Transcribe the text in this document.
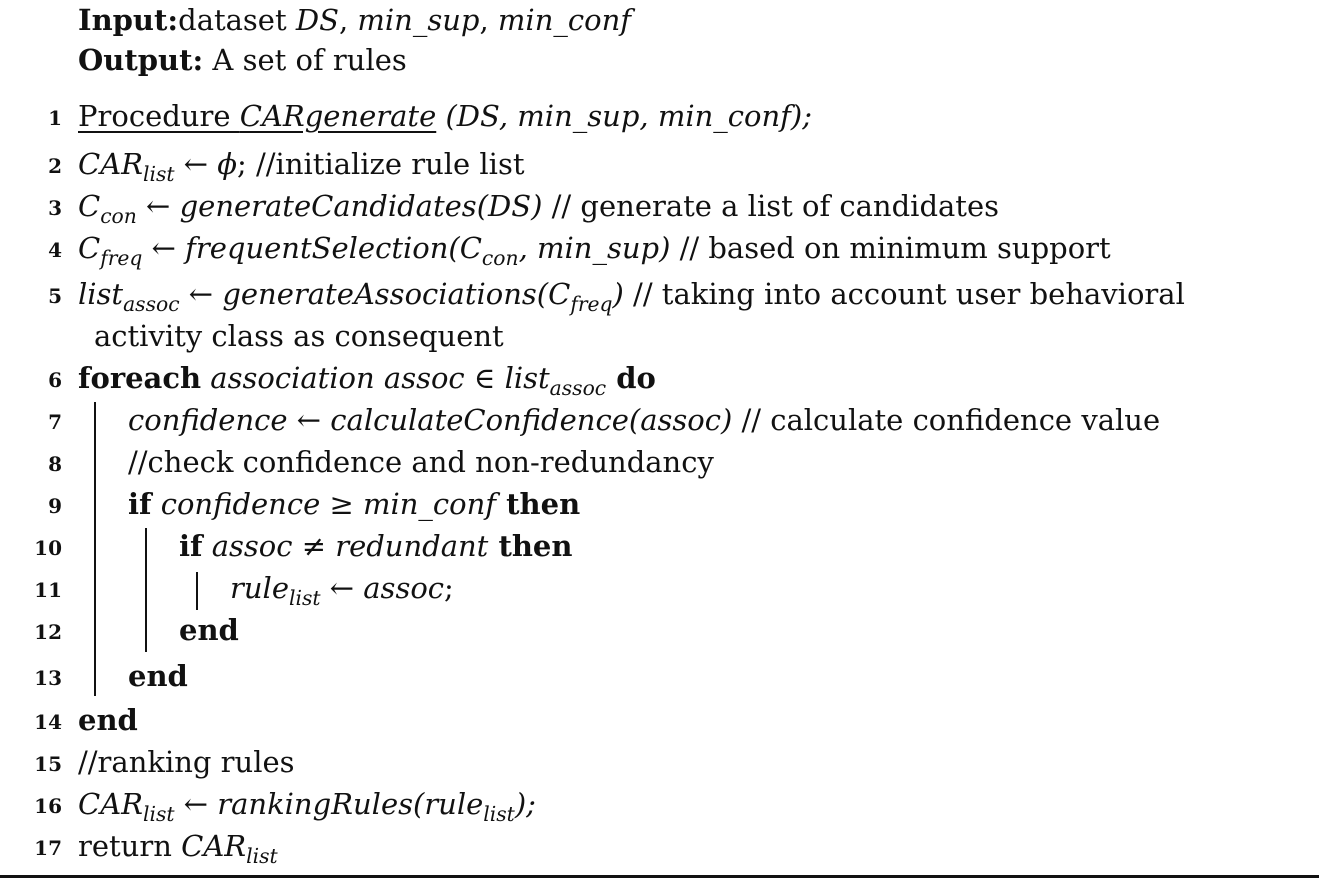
Input:dataset DS, min_sup, min_conf
Output: A set of rules
1 Procedure CARgenerate (DS, min_sup, min_conf);
2 $CAR_{list}$ ← ϕ; //initialize rule list
3 $C_{con}$ ← generateCandidates(DS) // generate a list of candidates
4 $C_{freq}$ ← $frequentSelection(C_{con}$, min_sup) // based on minimum support
5 list$_{assoc}$ ← $generateAssociations(C_{freq})$ // taking into account user behavioral
activity class as consequent
6 foreach association assoc ∈ list$_{assoc}$ do
7 confidence ← calculateConfidence(assoc) // calculate confidence value
8 //check confidence and non-redundancy
9 if confidence ≥ min_conf then
10	if assoc ≠ redundant then
11	rule$_{list}$ ← assoc;
12	end
13 end
14 end
15 //ranking rules
16 $CAR_{list}$ ← rankingRules(rule$_{list}$);
17 return $CAR_{list}$
